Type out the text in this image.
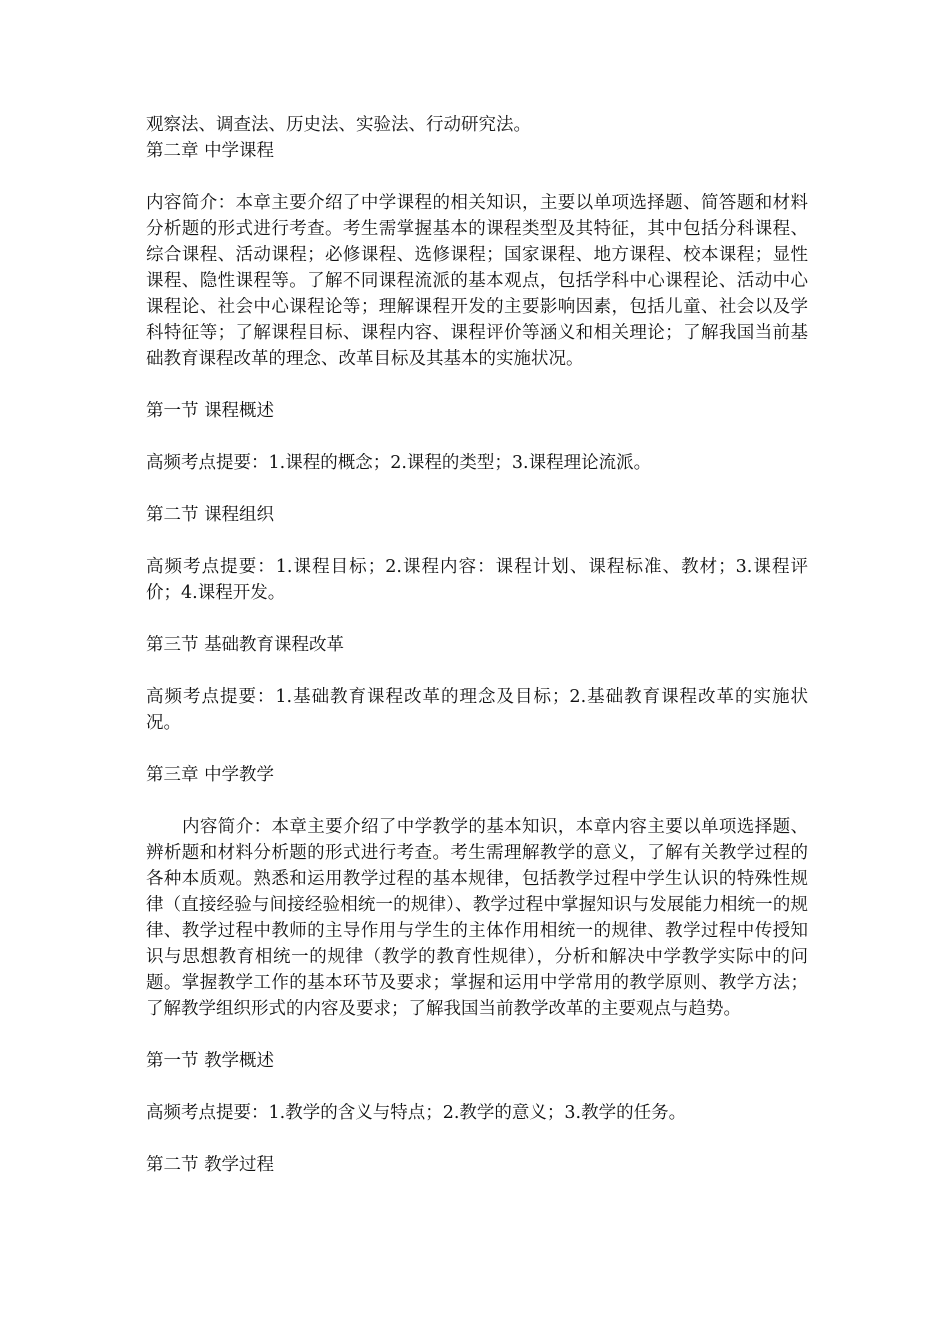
观察法、调查法、历史法、实验法、行动研究法。

第二章 中学课程

内容简介：本章主要介绍了中学课程的相关知识，主要以单项选择题、简答题和材料分析题的形式进行考查。考生需掌握基本的课程类型及其特征，其中包括分科课程、综合课程、活动课程；必修课程、选修课程；国家课程、地方课程、校本课程；显性课程、隐性课程等。了解不同课程流派的基本观点，包括学科中心课程论、活动中心课程论、社会中心课程论等；理解课程开发的主要影响因素，包括儿童、社会以及学科特征等；了解课程目标、课程内容、课程评价等涵义和相关理论；了解我国当前基础教育课程改革的理念、改革目标及其基本的实施状况。

第一节 课程概述

高频考点提要：1.课程的概念；2.课程的类型；3.课程理论流派。

第二节 课程组织

高频考点提要：1.课程目标；2.课程内容：课程计划、课程标准、教材；3.课程评价；4.课程开发。

第三节 基础教育课程改革

高频考点提要：1.基础教育课程改革的理念及目标；2.基础教育课程改革的实施状况。

第三章 中学教学

内容简介：本章主要介绍了中学教学的基本知识，本章内容主要以单项选择题、辨析题和材料分析题的形式进行考查。考生需理解教学的意义，了解有关教学过程的各种本质观。熟悉和运用教学过程的基本规律，包括教学过程中学生认识的特殊性规律（直接经验与间接经验相统一的规律）、教学过程中掌握知识与发展能力相统一的规律、教学过程中教师的主导作用与学生的主体作用相统一的规律、教学过程中传授知识与思想教育相统一的规律（教学的教育性规律），分析和解决中学教学实际中的问题。掌握教学工作的基本环节及要求；掌握和运用中学常用的教学原则、教学方法；了解教学组织形式的内容及要求；了解我国当前教学改革的主要观点与趋势。

第一节 教学概述

高频考点提要：1.教学的含义与特点；2.教学的意义；3.教学的任务。

第二节 教学过程
